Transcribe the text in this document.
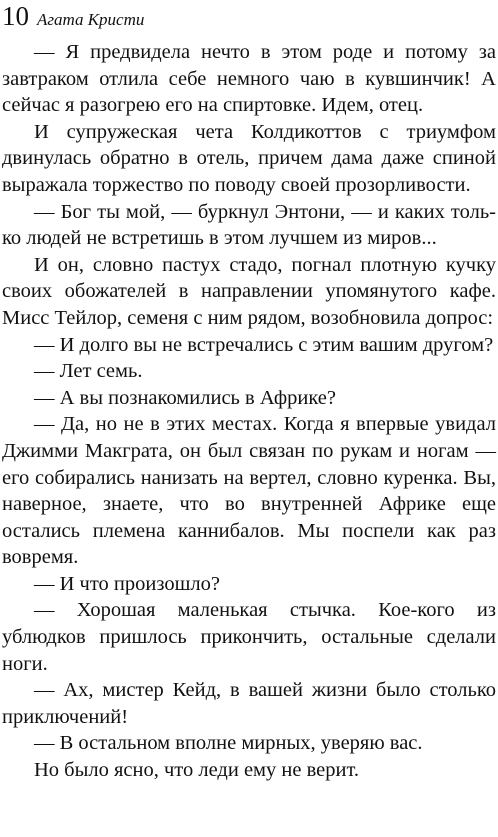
10 Агата Кристи

— Я предвидела нечто в этом роде и потому за завтраком отлила себе немного чаю в кувшинчик! А сейчас я разогрею его на спиртовке. Идем, отец.

И супружеская чета Колдикоттов с триумфом двинулась обратно в отель, причем дама даже спиной выражала торжество по поводу своей прозорливости.

— Бог ты мой, — буркнул Энтони, — и каких только людей не встретишь в этом лучшем из миров...

И он, словно пастух стадо, погнал плотную кучку своих обожателей в направлении упомянутого кафе. Мисс Тейлор, семеня с ним рядом, возобновила допрос:

— И долго вы не встречались с этим вашим другом?

— Лет семь.

— А вы познакомились в Африке?

— Да, но не в этих местах. Когда я впервые увидал Джимми Макграта, он был связан по рукам и ногам — его собирались нанизать на вертел, словно куренка. Вы, наверное, знаете, что во внутренней Африке еще остались племена каннибалов. Мы поспели как раз вовремя.

— И что произошло?

— Хорошая маленькая стычка. Кое-кого из ублюдков пришлось прикончить, остальные сделали ноги.

— Ах, мистер Кейд, в вашей жизни было столько приключений!

— В остальном вполне мирных, уверяю вас.

Но было ясно, что леди ему не верит.
